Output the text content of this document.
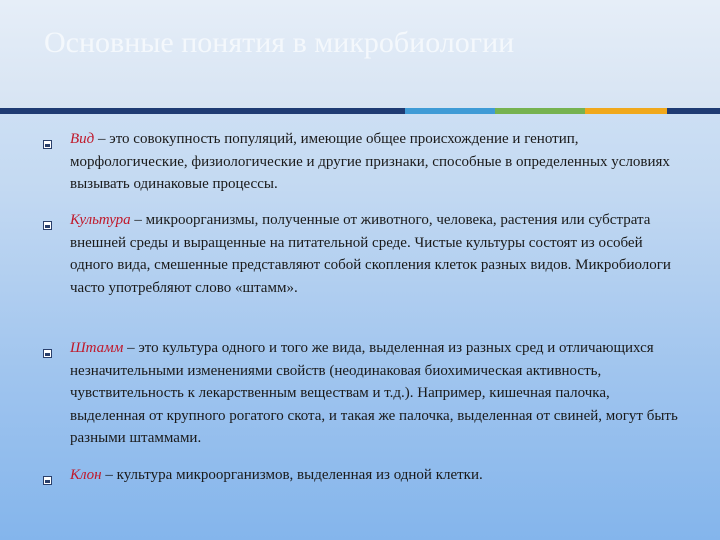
Основные понятия в микробиологии

Вид – это совокупность популяций, имеющие общее происхождение и генотип, морфологические, физиологические и другие признаки, способные в определенных условиях вызывать одинаковые процессы.

Культура – микроорганизмы, полученные от животного, человека, растения или субстрата внешней среды и выращенные на питательной среде. Чистые культуры состоят из особей одного вида, смешенные представляют собой скопления клеток разных видов. Микробиологи часто употребляют слово «штамм».

Штамм – это культура одного и того же вида, выделенная из разных сред и отличающихся незначительными изменениями свойств (неодинаковая биохимическая активность, чувствительность к лекарственным веществам и т.д.). Например, кишечная палочка, выделенная от крупного рогатого скота, и такая же палочка, выделенная от свиней, могут быть разными штаммами.

Клон – культура микроорганизмов, выделенная из одной клетки.
